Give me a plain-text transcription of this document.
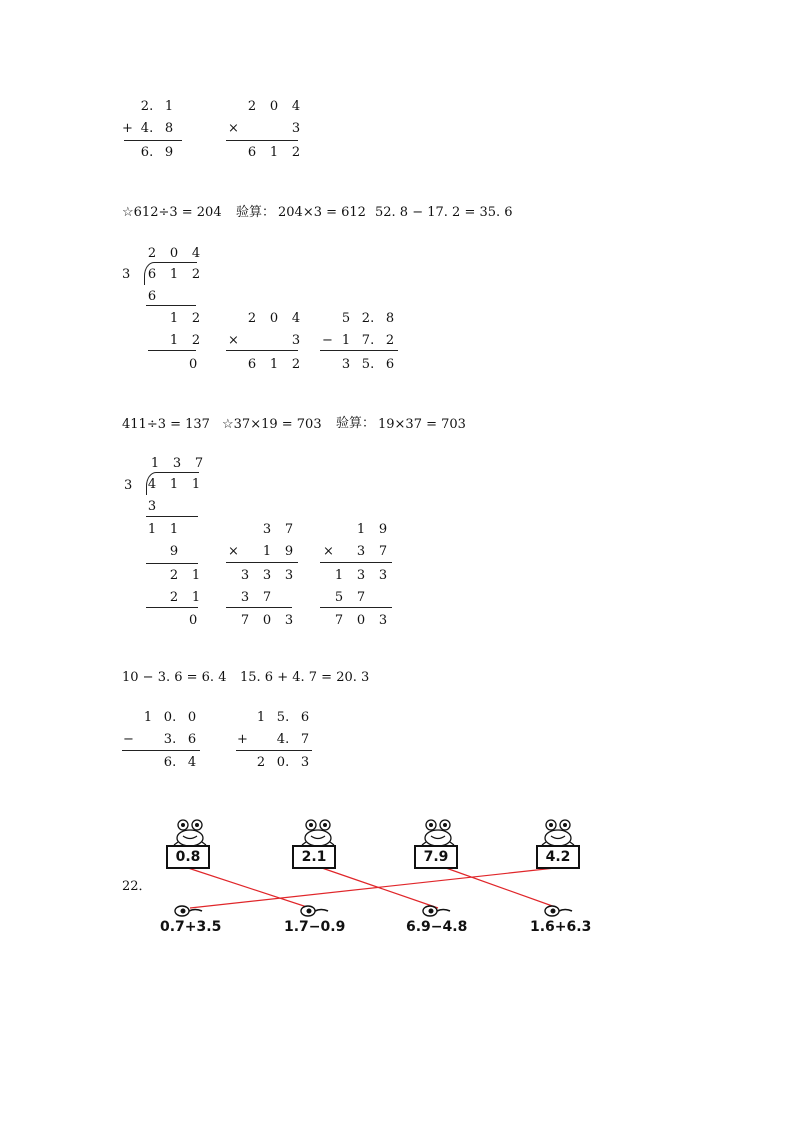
2. 1
+ 4. 8
6. 9
2	0	4
×	3
6	1	2
☆612÷3 = 204 验算： 204×3 = 612 52. 8 − 17. 2 = 35. 6
2	0	4
3	6	1	2
6
1	2
1	2
0
2	0	4
×	3
6	1	2
5 2. 8
− 1 7. 2
3 5. 6
411÷3 = 137 ☆37×19 = 703 验算： 19×37 = 703
1	3	7
3	4	1	1
3
1	1
9
2	1
2	1
0
3	7
×	1	9
3	3	3
3	7
7	0	3
1	9
×	3	7
1	3	3
5	7
7	0	3
10 − 3. 6 = 6. 4 15. 6 + 4. 7 = 20. 3
1 0. 0
−	3. 6
6. 4
1 5. 6
+	4. 7
2 0. 3
22．
0.8	2.1	7.9	4.2
0.7+3.5	1.7−0.9	6.9−4.8	1.6+6.3
